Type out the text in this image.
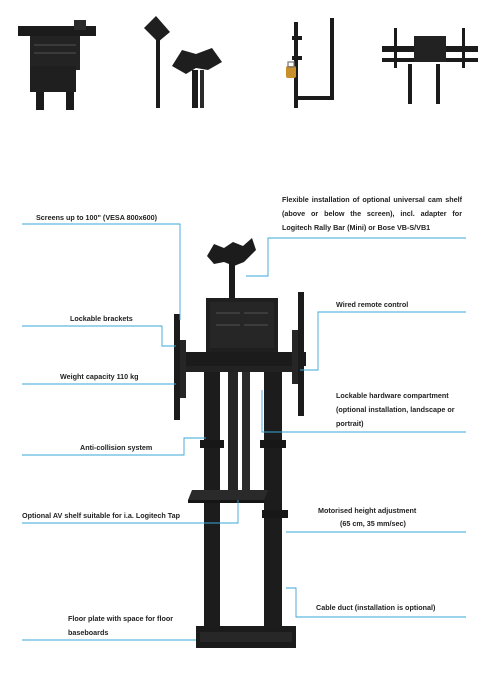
Screens up to 100" (VESA 800x600)
Flexible installation of optional universal cam shelf (above or below the screen), incl. adapter for Logitech Rally Bar (Mini) or Bose VB-S/VB1
Lockable brackets
Wired remote control
Weight capacity 110 kg
Lockable hardware compartment (optional installation, landscape or portrait)
Anti-collision system
Optional AV shelf suitable for i.a. Logitech Tap
Motorised height adjustment
(65 cm, 35 mm/sec)
Floor plate with space for floor baseboards
Cable duct (installation is optional)
